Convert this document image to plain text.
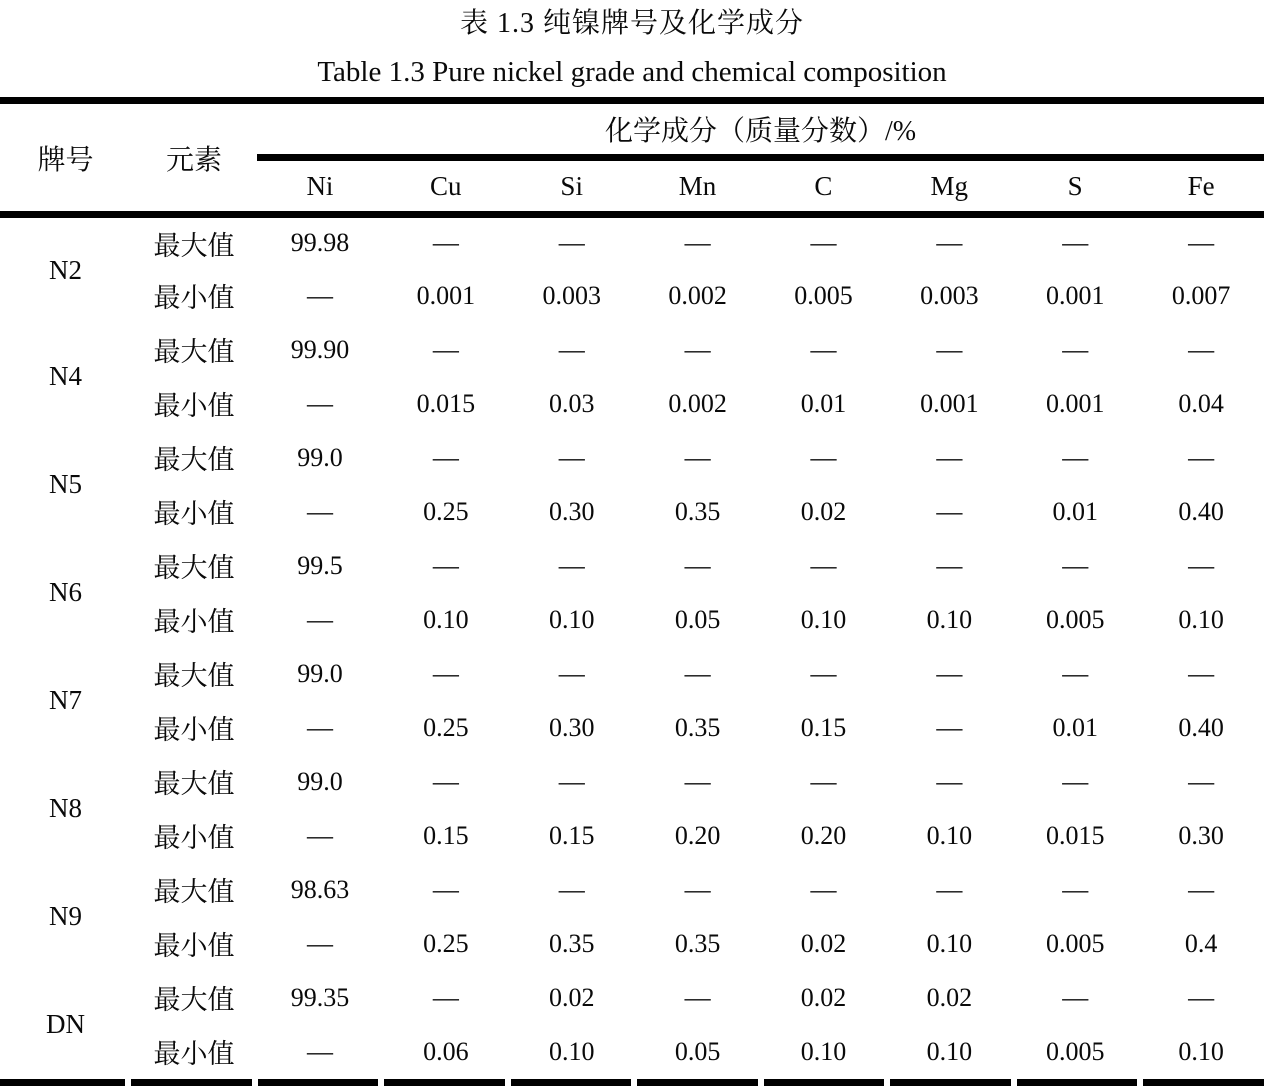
表 1.3 纯镍牌号及化学成分
Table 1.3 Pure nickel grade and chemical composition
牌号	元素	化学成分（质量分数）/%							
		Ni	Cu	Si	Mn	C	Mg	S	Fe
N2	最大值	99.98	—	—	—	—	—	—	—
	最小值	—	0.001	0.003	0.002	0.005	0.003	0.001	0.007
N4	最大值	99.90	—	—	—	—	—	—	—
	最小值	—	0.015	0.03	0.002	0.01	0.001	0.001	0.04
N5	最大值	99.0	—	—	—	—	—	—	—
	最小值	—	0.25	0.30	0.35	0.02	—	0.01	0.40
N6	最大值	99.5	—	—	—	—	—	—	—
	最小值	—	0.10	0.10	0.05	0.10	0.10	0.005	0.10
N7	最大值	99.0	—	—	—	—	—	—	—
	最小值	—	0.25	0.30	0.35	0.15	—	0.01	0.40
N8	最大值	99.0	—	—	—	—	—	—	—
	最小值	—	0.15	0.15	0.20	0.20	0.10	0.015	0.30
N9	最大值	98.63	—	—	—	—	—	—	—
	最小值	—	0.25	0.35	0.35	0.02	0.10	0.005	0.4
DN	最大值	99.35	—	0.02	—	0.02	0.02	—	—
	最小值	—	0.06	0.10	0.05	0.10	0.10	0.005	0.10
